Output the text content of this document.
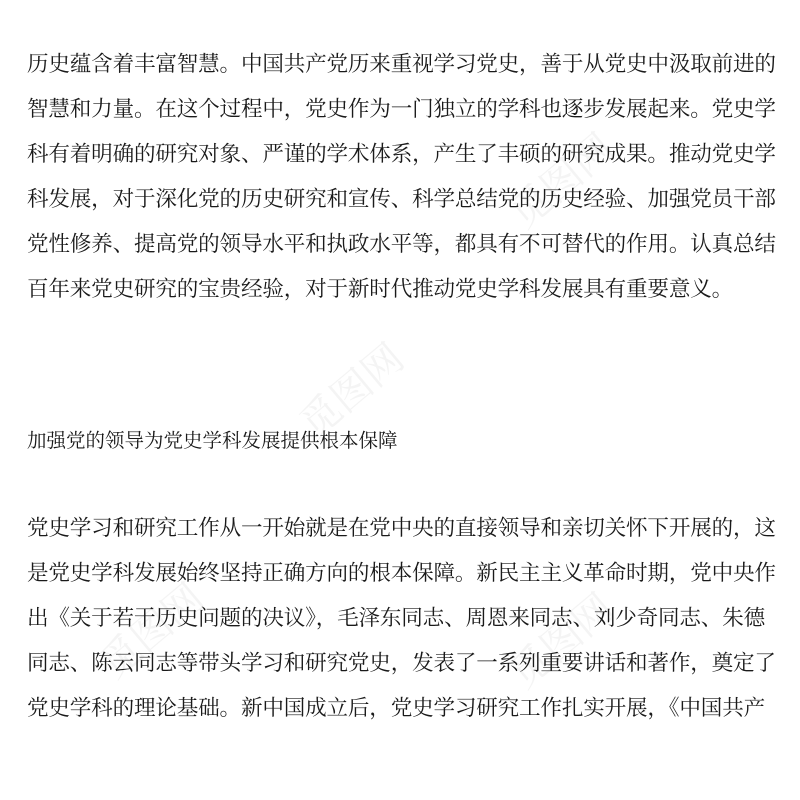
觅图网
觅图网
觅图网
觅图网

历史蕴含着丰富智慧。中国共产党历来重视学习党史，善于从党史中汲取前进的
智慧和力量。在这个过程中，党史作为一门独立的学科也逐步发展起来。党史学
科有着明确的研究对象、严谨的学术体系，产生了丰硕的研究成果。推动党史学
科发展，对于深化党的历史研究和宣传、科学总结党的历史经验、加强党员干部
党性修养、提高党的领导水平和执政水平等，都具有不可替代的作用。认真总结
百年来党史研究的宝贵经验，对于新时代推动党史学科发展具有重要意义。

加强党的领导为党史学科发展提供根本保障

党史学习和研究工作从一开始就是在党中央的直接领导和亲切关怀下开展的，这
是党史学科发展始终坚持正确方向的根本保障。新民主主义革命时期，党中央作
出《关于若干历史问题的决议》，毛泽东同志、周恩来同志、刘少奇同志、朱德
同志、陈云同志等带头学习和研究党史，发表了一系列重要讲话和著作，奠定了
党史学科的理论基础。新中国成立后，党史学习研究工作扎实开展，《中国共产
